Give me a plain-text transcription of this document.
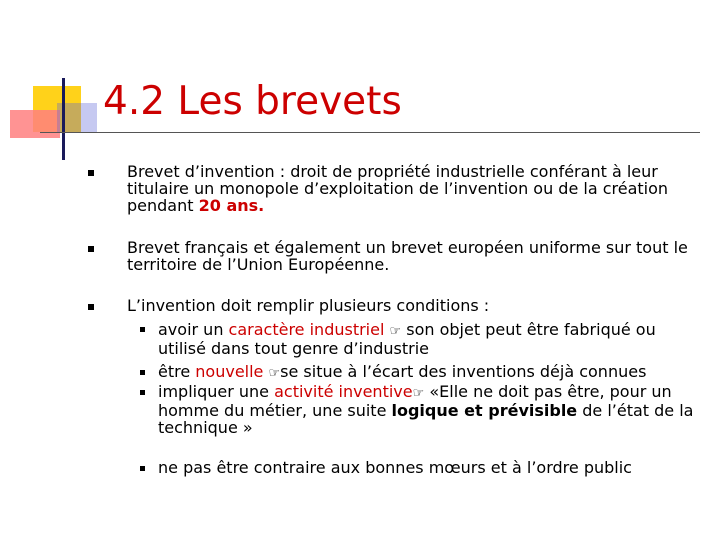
4.2 Les brevets

Brevet d’invention : droit de propriété industrielle conférant à leur titulaire un monopole d’exploitation de l’invention ou de la création pendant 20 ans.

Brevet français et également un brevet européen uniforme sur tout le territoire de l’Union Européenne.

L’invention doit remplir plusieurs conditions :

avoir un caractère industriel ☞ son objet peut être fabriqué ou utilisé dans tout genre d’industrie

être nouvelle ☞se situe à l’écart des inventions déjà connues

impliquer une activité inventive☞ «Elle ne doit pas être, pour un homme du métier, une suite logique et prévisible de l’état de la technique »

ne pas être contraire aux bonnes mœurs et à l’ordre public
